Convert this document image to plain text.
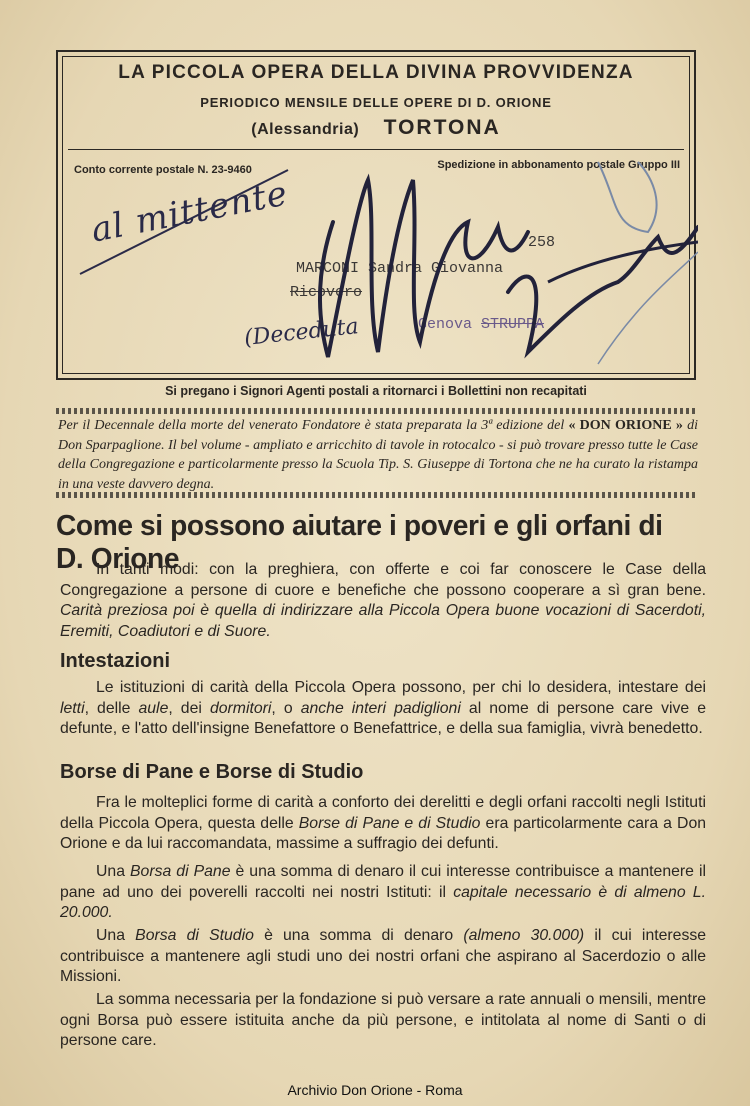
LA PICCOLA OPERA DELLA DIVINA PROVVIDENZA
PERIODICO MENSILE DELLE OPERE DI D. ORIONE
(Alessandria) TORTONA
Conto corrente postale N. 23-9460	Spedizione in abbonamento postale Gruppo III
258
MARCONI Sandra Giovanna
Ricovero
Genova STRUPPA
al mittente
(Deceduta
Si pregano i Signori Agenti postali a ritornarci i Bollettini non recapitati
Per il Decennale della morte del venerato Fondatore è stata preparata la 3ª edizione del « DON ORIONE » di Don Sparpaglione. Il bel volume - ampliato e arricchito di tavole in rotocalco - si può trovare presso tutte le Case della Congregazione e particolarmente presso la Scuola Tip. S. Giuseppe di Tortona che ne ha curato la ristampa in una veste davvero degna.
Come si possono aiutare i poveri e gli orfani di D. Orione
In tanti modi: con la preghiera, con offerte e coi far conoscere le Case della Congregazione a persone di cuore e benefiche che possono cooperare a sì gran bene. Carità preziosa poi è quella di indirizzare alla Piccola Opera buone vocazioni di Sacerdoti, Eremiti, Coadiutori e di Suore.
Intestazioni
Le istituzioni di carità della Piccola Opera possono, per chi lo desidera, intestare dei letti, delle aule, dei dormitori, o anche interi padiglioni al nome di persone care vive e defunte, e l'atto dell'insigne Benefattore o Benefattrice, e della sua famiglia, vivrà benedetto.
Borse di Pane e Borse di Studio
Fra le molteplici forme di carità a conforto dei derelitti e degli orfani raccolti negli Istituti della Piccola Opera, questa delle Borse di Pane e di Studio era particolarmente cara a Don Orione e da lui raccomandata, massime a suffragio dei defunti.
Una Borsa di Pane è una somma di denaro il cui interesse contribuisce a mantenere il pane ad uno dei poverelli raccolti nei nostri Istituti: il capitale necessario è di almeno L. 20.000.
Una Borsa di Studio è una somma di denaro (almeno 30.000) il cui interesse contribuisce a mantenere agli studi uno dei nostri orfani che aspirano al Sacerdozio o alle Missioni.
La somma necessaria per la fondazione si può versare a rate annuali o mensili, mentre ogni Borsa può essere istituita anche da più persone, e intitolata al nome di Santi o di persone care.
Archivio Don Orione - Roma
